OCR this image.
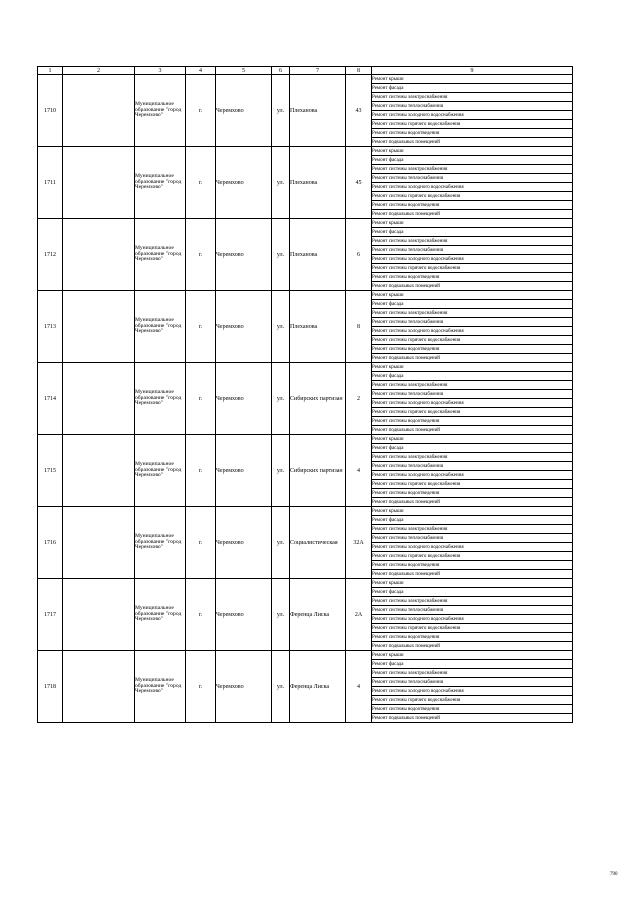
1	2	3	4	5	6	7	8	9
1710		Муниципальное образование "город Черемхово"	г.	Черемхово	ул.	Плеханова	43	Ремонт крыши
								Ремонт фасада
								Ремонт системы электроснабжения
								Ремонт системы теплоснабжения
								Ремонт системы холодного водоснабжения
								Ремонт системы горячего водоснабжения
								Ремонт системы водоотведения
								Ремонт подвальных помещений
1711		Муниципальное образование "город Черемхово"	г.	Черемхово	ул.	Плеханова	45	Ремонт крыши
								Ремонт фасада
								Ремонт системы электроснабжения
								Ремонт системы теплоснабжения
								Ремонт системы холодного водоснабжения
								Ремонт системы горячего водоснабжения
								Ремонт системы водоотведения
								Ремонт подвальных помещений
1712		Муниципальное образование "город Черемхово"	г.	Черемхово	ул.	Плеханова	6	Ремонт крыши
								Ремонт фасада
								Ремонт системы электроснабжения
								Ремонт системы теплоснабжения
								Ремонт системы холодного водоснабжения
								Ремонт системы горячего водоснабжения
								Ремонт системы водоотведения
								Ремонт подвальных помещений
1713		Муниципальное образование "город Черемхово"	г.	Черемхово	ул.	Плеханова	8	Ремонт крыши
								Ремонт фасада
								Ремонт системы электроснабжения
								Ремонт системы теплоснабжения
								Ремонт системы холодного водоснабжения
								Ремонт системы горячего водоснабжения
								Ремонт системы водоотведения
								Ремонт подвальных помещений
1714		Муниципальное образование "город Черемхово"	г.	Черемхово	ул.	Сибирских партизан	2	Ремонт крыши
								Ремонт фасада
								Ремонт системы электроснабжения
								Ремонт системы теплоснабжения
								Ремонт системы холодного водоснабжения
								Ремонт системы горячего водоснабжения
								Ремонт системы водоотведения
								Ремонт подвальных помещений
1715		Муниципальное образование "город Черемхово"	г.	Черемхово	ул.	Сибирских партизан	4	Ремонт крыши
								Ремонт фасада
								Ремонт системы электроснабжения
								Ремонт системы теплоснабжения
								Ремонт системы холодного водоснабжения
								Ремонт системы горячего водоснабжения
								Ремонт системы водоотведения
								Ремонт подвальных помещений
1716		Муниципальное образование "город Черемхово"	г.	Черемхово	ул.	Социалистическая	32А	Ремонт крыши
								Ремонт фасада
								Ремонт системы электроснабжения
								Ремонт системы теплоснабжения
								Ремонт системы холодного водоснабжения
								Ремонт системы горячего водоснабжения
								Ремонт системы водоотведения
								Ремонт подвальных помещений
1717		Муниципальное образование "город Черемхово"	г.	Черемхово	ул.	Ференца Лиска	2А	Ремонт крыши
								Ремонт фасада
								Ремонт системы электроснабжения
								Ремонт системы теплоснабжения
								Ремонт системы холодного водоснабжения
								Ремонт системы горячего водоснабжения
								Ремонт системы водоотведения
								Ремонт подвальных помещений
1718		Муниципальное образование "город Черемхово"	г.	Черемхово	ул.	Ференца Лиска	4	Ремонт крыши
								Ремонт фасада
								Ремонт системы электроснабжения
								Ремонт системы теплоснабжения
								Ремонт системы холодного водоснабжения
								Ремонт системы горячего водоснабжения
								Ремонт системы водоотведения
								Ремонт подвальных помещений
790
